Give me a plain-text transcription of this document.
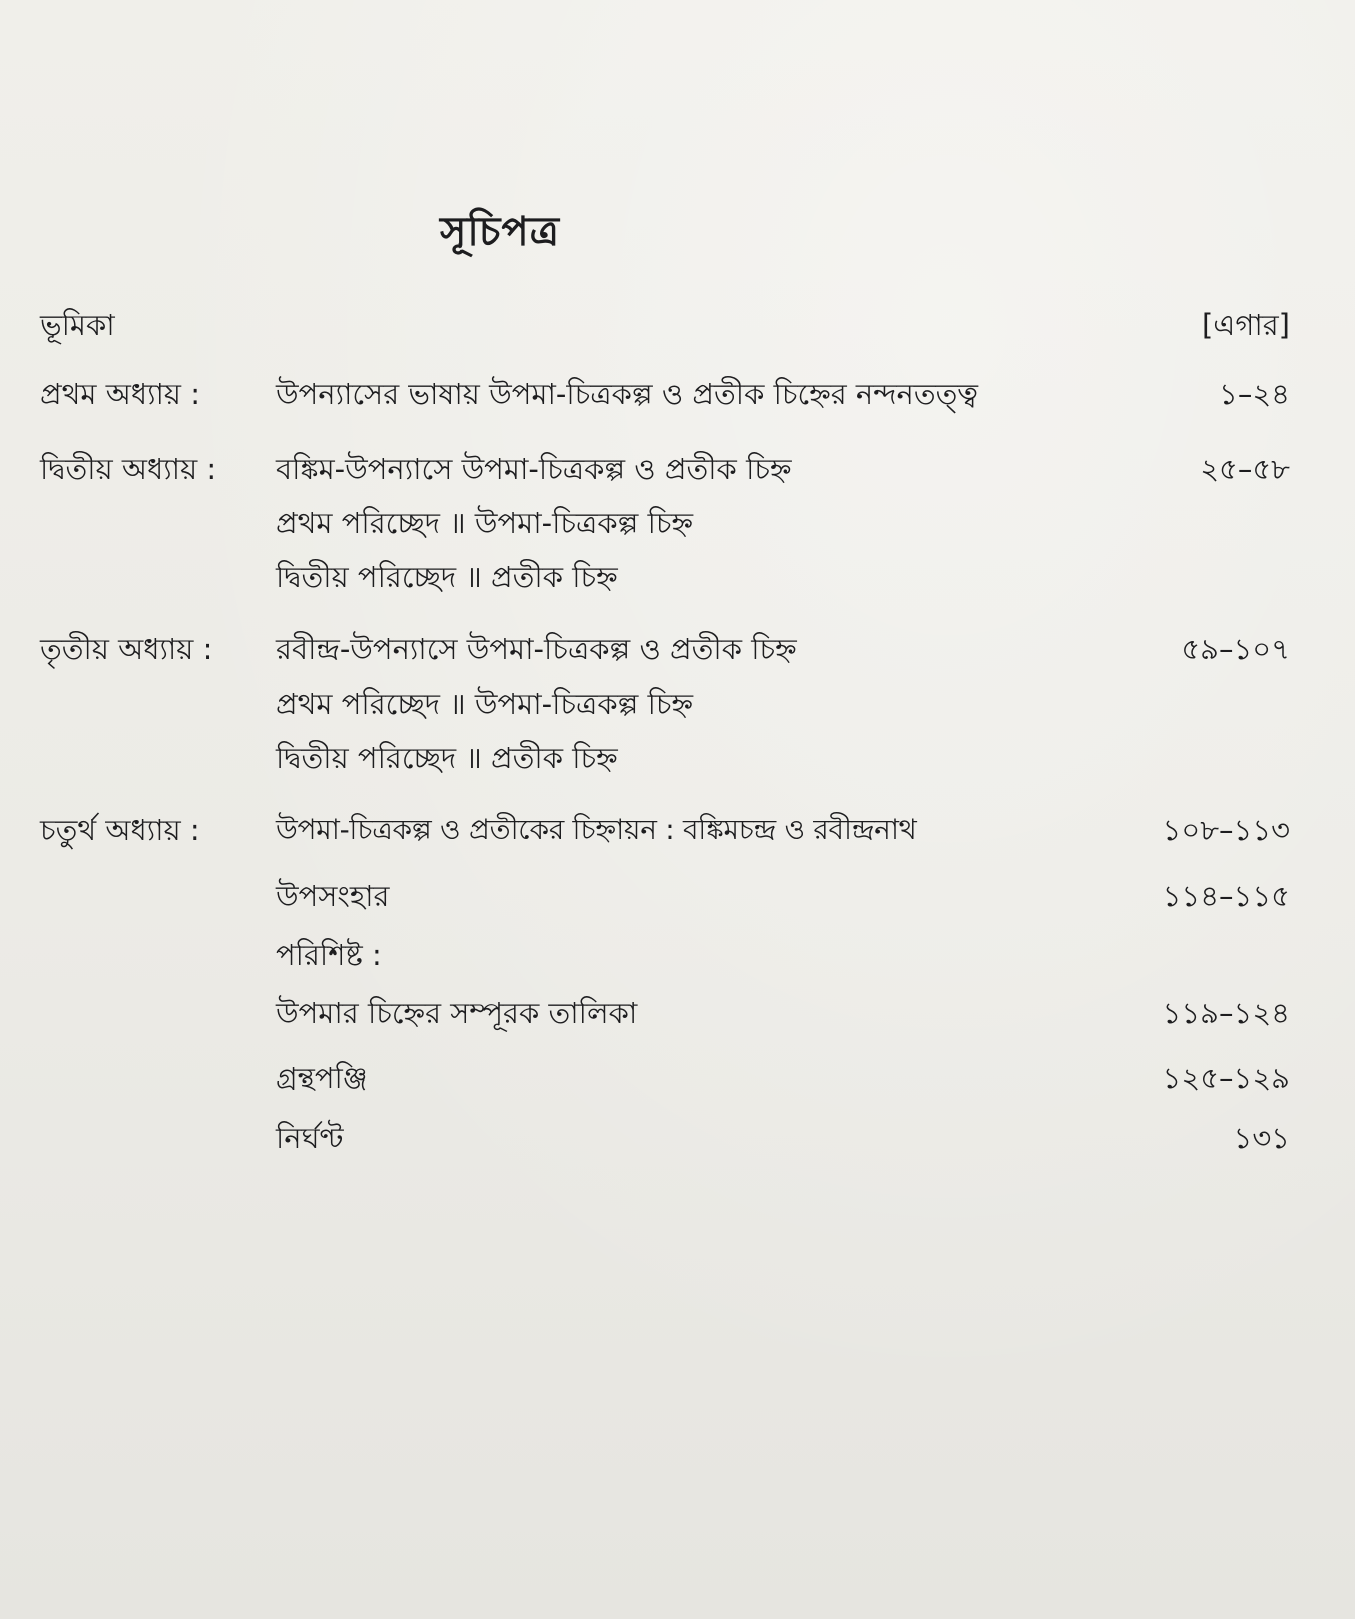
সূচিপত্র
ভূমিকা	[এগার]
প্রথম অধ্যায় :	উপন্যাসের ভাষায় উপমা-চিত্রকল্প ও প্রতীক চিহ্নের নন্দনতত্ত্ব	১–২৪
দ্বিতীয় অধ্যায় : বঙ্কিম-উপন্যাসে উপমা-চিত্রকল্প ও প্রতীক চিহ্ন	২৫–৫৮
প্রথম পরিচ্ছেদ ॥ উপমা-চিত্রকল্প চিহ্ন
দ্বিতীয় পরিচ্ছেদ ॥ প্রতীক চিহ্ন
তৃতীয় অধ্যায় : রবীন্দ্র-উপন্যাসে উপমা-চিত্রকল্প ও প্রতীক চিহ্ন	৫৯–১০৭
প্রথম পরিচ্ছেদ ॥ উপমা-চিত্রকল্প চিহ্ন
দ্বিতীয় পরিচ্ছেদ ॥ প্রতীক চিহ্ন
চতুর্থ অধ্যায় :	উপমা-চিত্রকল্প ও প্রতীকের চিহ্নায়ন : বঙ্কিমচন্দ্র ও রবীন্দ্রনাথ	১০৮–১১৩
উপসংহার	১১৪–১১৫
পরিশিষ্ট :
উপমার চিহ্নের সম্পূরক তালিকা	১১৯–১২৪
গ্রন্থপঞ্জি	১২৫–১২৯
নির্ঘণ্ট	১৩১
